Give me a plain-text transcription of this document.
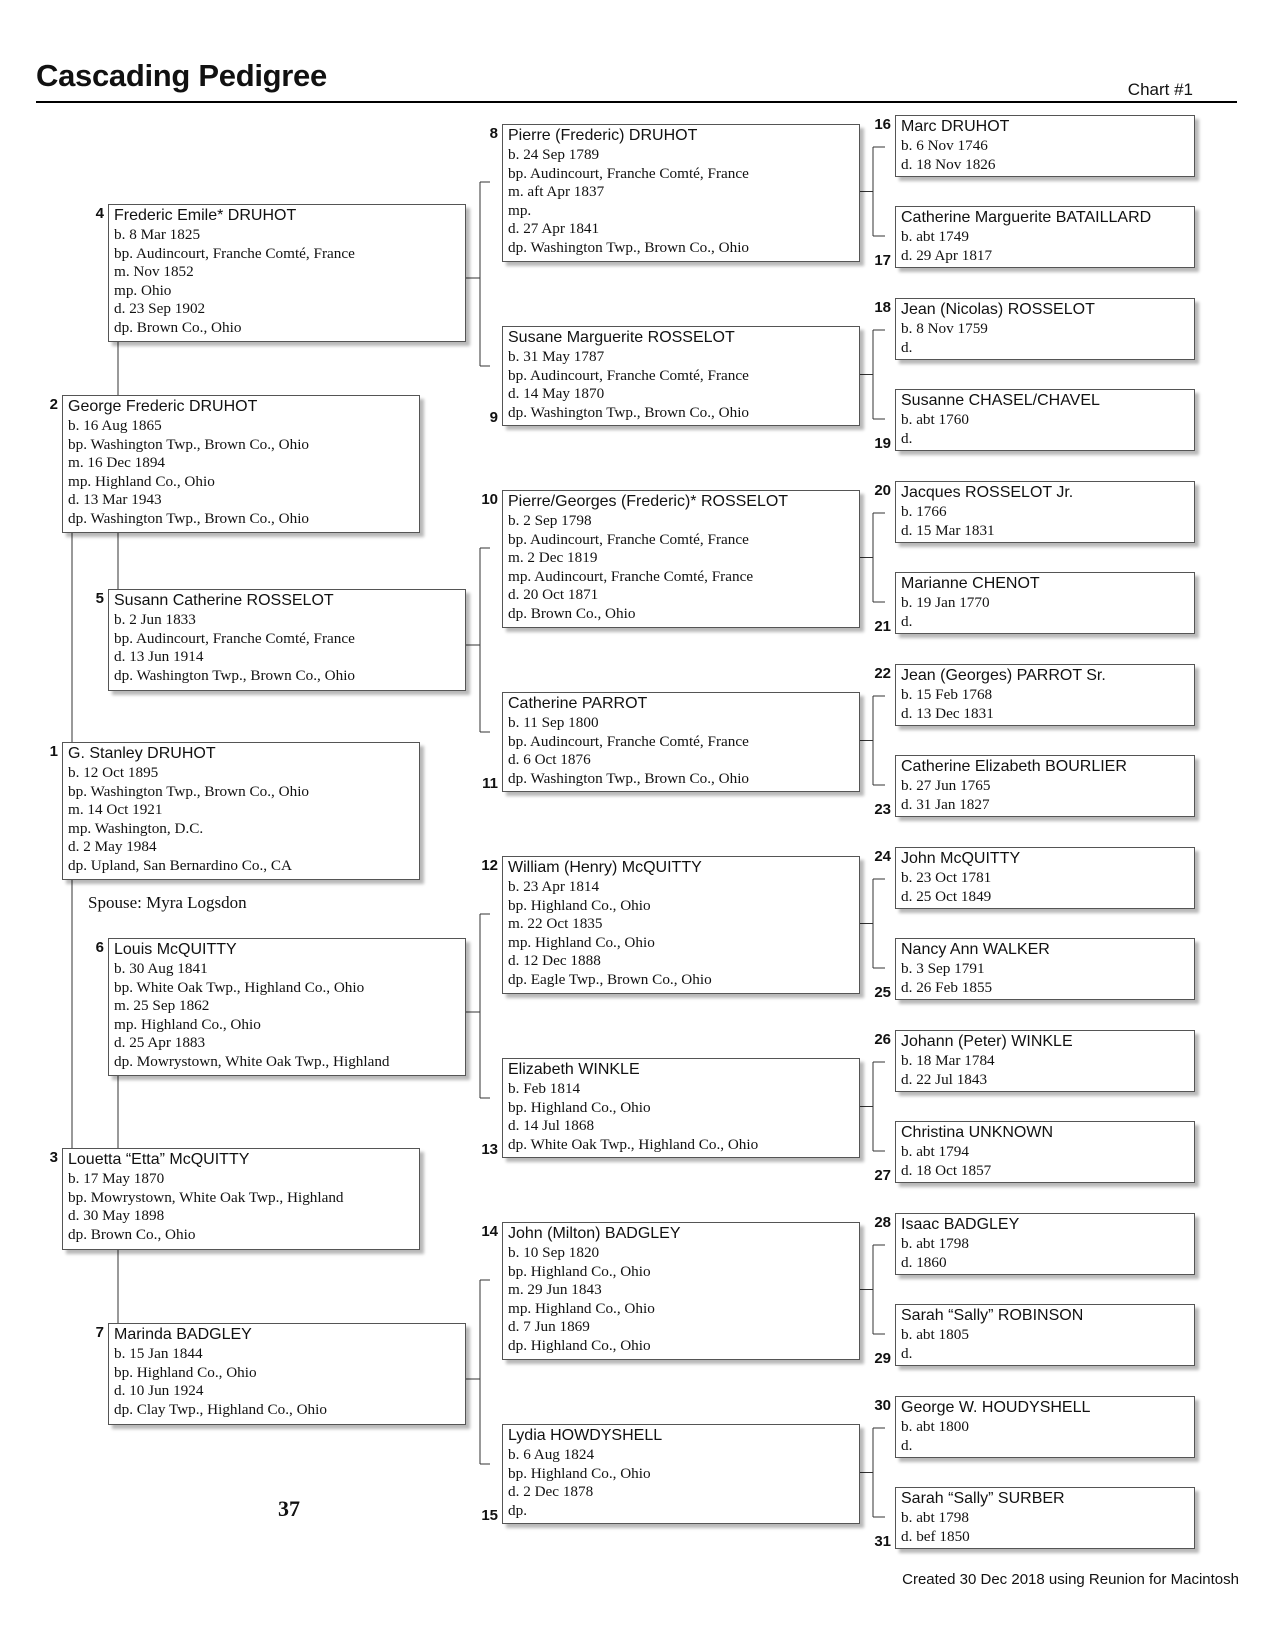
Cascading Pedigree	Chart #1
G. Stanley DRUHOT
b. 12 Oct 1895
bp. Washington Twp., Brown Co., Ohio
m. 14 Oct 1921
mp. Washington, D.C.
d. 2 May 1984
dp. Upland, San Bernardino Co., CA
1
George Frederic DRUHOT
b. 16 Aug 1865
bp. Washington Twp., Brown Co., Ohio
m. 16 Dec 1894
mp. Highland Co., Ohio
d. 13 Mar 1943
dp. Washington Twp., Brown Co., Ohio
2
Louetta “Etta” McQUITTY
b. 17 May 1870
bp. Mowrystown, White Oak Twp., Highland
d. 30 May 1898
dp. Brown Co., Ohio
3
Frederic Emile* DRUHOT
b. 8 Mar 1825
bp. Audincourt, Franche Comté, France
m. Nov 1852
mp. Ohio
d. 23 Sep 1902
dp. Brown Co., Ohio
4
Susann Catherine ROSSELOT
b. 2 Jun 1833
bp. Audincourt, Franche Comté, France
d. 13 Jun 1914
dp. Washington Twp., Brown Co., Ohio
5
Louis McQUITTY
b. 30 Aug 1841
bp. White Oak Twp., Highland Co., Ohio
m. 25 Sep 1862
mp. Highland Co., Ohio
d. 25 Apr 1883
dp. Mowrystown, White Oak Twp., Highland
6
Marinda BADGLEY
b. 15 Jan 1844
bp. Highland Co., Ohio
d. 10 Jun 1924
dp. Clay Twp., Highland Co., Ohio
7
Pierre (Frederic) DRUHOT
b. 24 Sep 1789
bp. Audincourt, Franche Comté, France
m. aft Apr 1837
mp.
d. 27 Apr 1841
dp. Washington Twp., Brown Co., Ohio
8
Susane Marguerite ROSSELOT
b. 31 May 1787
bp. Audincourt, Franche Comté, France
d. 14 May 1870
dp. Washington Twp., Brown Co., Ohio
9
Pierre/Georges (Frederic)* ROSSELOT
b. 2 Sep 1798
bp. Audincourt, Franche Comté, France
m. 2 Dec 1819
mp. Audincourt, Franche Comté, France
d. 20 Oct 1871
dp. Brown Co., Ohio
10
Catherine PARROT
b. 11 Sep 1800
bp. Audincourt, Franche Comté, France
d. 6 Oct 1876
dp. Washington Twp., Brown Co., Ohio
11
William (Henry) McQUITTY
b. 23 Apr 1814
bp. Highland Co., Ohio
m. 22 Oct 1835
mp. Highland Co., Ohio
d. 12 Dec 1888
dp. Eagle Twp., Brown Co., Ohio
12
Elizabeth WINKLE
b. Feb 1814
bp. Highland Co., Ohio
d. 14 Jul 1868
dp. White Oak Twp., Highland Co., Ohio
13
John (Milton) BADGLEY
b. 10 Sep 1820
bp. Highland Co., Ohio
m. 29 Jun 1843
mp. Highland Co., Ohio
d. 7 Jun 1869
dp. Highland Co., Ohio
14
Lydia HOWDYSHELL
b. 6 Aug 1824
bp. Highland Co., Ohio
d. 2 Dec 1878
dp.
15
Marc DRUHOT
b. 6 Nov 1746
d. 18 Nov 1826
16
Catherine Marguerite BATAILLARD
b. abt 1749
d. 29 Apr 1817
17
Jean (Nicolas) ROSSELOT
b. 8 Nov 1759
d.
18
Susanne CHASEL/CHAVEL
b. abt 1760
d.
19
Jacques ROSSELOT Jr.
b. 1766
d. 15 Mar 1831
20
Marianne CHENOT
b. 19 Jan 1770
d.
21
Jean (Georges) PARROT Sr.
b. 15 Feb 1768
d. 13 Dec 1831
22
Catherine Elizabeth BOURLIER
b. 27 Jun 1765
d. 31 Jan 1827
23
John McQUITTY
b. 23 Oct 1781
d. 25 Oct 1849
24
Nancy Ann WALKER
b. 3 Sep 1791
d. 26 Feb 1855
25
Johann (Peter) WINKLE
b. 18 Mar 1784
d. 22 Jul 1843
26
Christina UNKNOWN
b. abt 1794
d. 18 Oct 1857
27
Isaac BADGLEY
b. abt 1798
d. 1860
28
Sarah “Sally” ROBINSON
b. abt 1805
d.
29
George W. HOUDYSHELL
b. abt 1800
d.
30
Sarah “Sally” SURBER
b. abt 1798
d. bef 1850
31
Spouse: Myra Logsdon
37
Created 30 Dec 2018 using Reunion for Macintosh
